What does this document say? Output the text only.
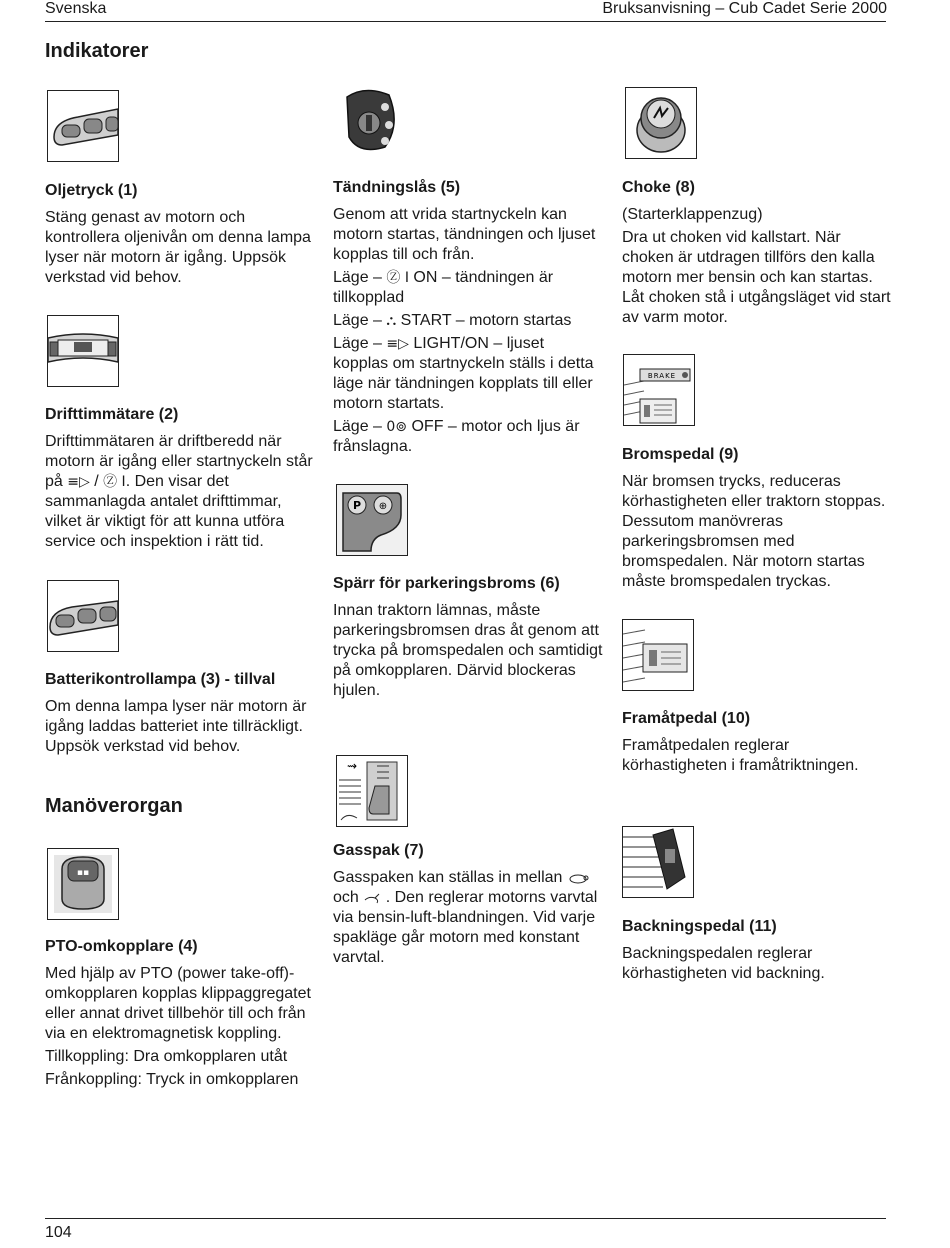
Svenska	Bruksanvisning – Cub Cadet Serie 2000
Indikatorer
Oljetryck (1)
Stäng genast av motorn och kontrollera oljenivån om denna lampa lyser när motorn är igång. Uppsök verkstad vid behov.
Drifttimmätare (2)
Drifttimmätaren är driftberedd när motorn är igång eller startnyckeln står på ≡▷ / Ⓩ I. Den visar det sammanlagda antalet drifttimmar, vilket är viktigt för att kunna utföra service och inspektion i rätt tid.
Batterikontrollampa (3) - tillval
Om denna lampa lyser när motorn är igång laddas batteriet inte tillräckligt. Uppsök verkstad vid behov.
Manöverorgan
▪▪
PTO-omkopplare (4)

Med hjälp av PTO (power take-off)-omkopplaren kopplas klippaggregatet eller annat drivet tillbehör till och från via en elektromagnetisk koppling.

Tillkoppling: Dra omkopplaren utåt

Frånkoppling: Tryck in omkopplaren

Tändningslås (5)

Genom att vrida startnyckeln kan motorn startas, tändningen och ljuset kopplas till och från.

Läge – Ⓩ I ON – tändningen är tillkopplad

Läge – ⛬ START – motorn startas

Läge – ≡▷ LIGHT/ON – ljuset kopplas om startnyckeln ställs i detta läge när tändningen kopplats till eller motorn startats.

Läge – 0⊚ OFF – motor och ljus är frånslagna.

P ⊕
Spärr för parkeringsbroms (6)
Innan traktorn lämnas, måste parkeringsbromsen dras åt genom att trycka på bromspedalen och samtidigt på omkopplaren. Därvid blockeras hjulen.
⇝
Gasspak (7)
Gasspaken kan ställas in mellan  och  . Den reglerar motorns varvtal via bensin-luft-blandningen. Vid varje spakläge går motorn med konstant varvtal.
Choke (8)

(Starterklappenzug)

Dra ut choken vid kallstart. När choken är utdragen tillförs den kalla motorn mer bensin och kan startas. Låt choken stå i utgångsläget vid start av varm motor.

BRAKE
Bromspedal (9)
När bromsen trycks, reduceras körhastigheten eller traktorn stoppas. Dessutom manövreras parkeringsbromsen med bromspedalen. När motorn startas måste bromspedalen tryckas.
Framåtpedal (10)
Framåtpedalen reglerar körhastigheten i framåtriktningen.
Backningspedal (11)
Backningspedalen reglerar körhastigheten vid backning.
104
